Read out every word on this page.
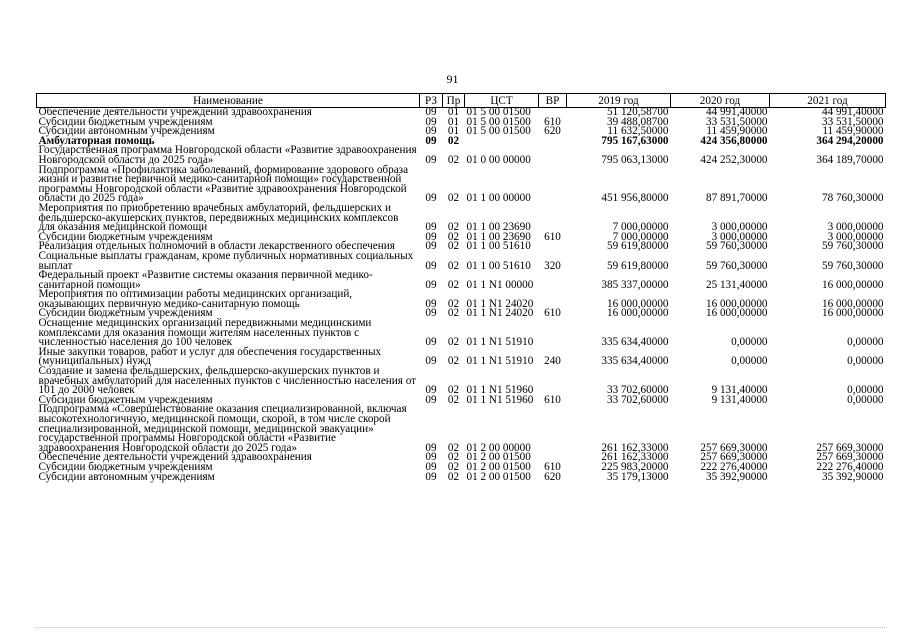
91
Наименование	РЗ	Пр	ЦСТ	ВР	2019 год	2020 год	2021 год
Обеспечение деятельности учреждений здравоохранения	09	01	01 5 00 01500		51 120,58700	44 991,40000	44 991,40000
Субсидии бюджетным учреждениям	09	01	01 5 00 01500	610	39 488,08700	33 531,50000	33 531,50000
Субсидии автономным учреждениям	09	01	01 5 00 01500	620	11 632,50000	11 459,90000	11 459,90000
Амбулаторная помощь	09	02			795 167,63000	424 356,80000	364 294,20000
Государственная программа Новгородской области «Развитие здравоохранения Новгородской области до 2025 года»	09	02	01 0 00 00000		795 063,13000	424 252,30000	364 189,70000
Подпрограмма «Профилактика заболеваний, формирование здорового образа жизни и развитие первичной медико-санитарной помощи» государственной программы Новгородской области «Развитие здравоохранения Новгородской области до 2025 года»	09	02	01 1 00 00000		451 956,80000	87 891,70000	78 760,30000
Мероприятия по приобретению врачебных амбулаторий, фельдшерских и фельдшерско-акушерских пунктов, передвижных медицинских комплексов для оказания медицинской помощи	09	02	01 1 00 23690		7 000,00000	3 000,00000	3 000,00000
Субсидии бюджетным учреждениям	09	02	01 1 00 23690	610	7 000,00000	3 000,00000	3 000,00000
Реализация отдельных полномочий в области лекарственного обеспечения	09	02	01 1 00 51610		59 619,80000	59 760,30000	59 760,30000
Социальные выплаты гражданам, кроме публичных нормативных социальных выплат	09	02	01 1 00 51610	320	59 619,80000	59 760,30000	59 760,30000
Федеральный проект «Развитие системы оказания первичной медико-санитарной помощи»	09	02	01 1 N1 00000		385 337,00000	25 131,40000	16 000,00000
Мероприятия по оптимизации работы медицинских организаций, оказывающих первичную медико-санитарную помощь	09	02	01 1 N1 24020		16 000,00000	16 000,00000	16 000,00000
Субсидии бюджетным учреждениям	09	02	01 1 N1 24020	610	16 000,00000	16 000,00000	16 000,00000
Оснащение медицинских организаций передвижными медицинскими комплексами для оказания помощи жителям населенных пунктов с численностью населения до 100 человек	09	02	01 1 N1 51910		335 634,40000	0,00000	0,00000
Иные закупки товаров, работ и услуг для обеспечения государственных (муниципальных) нужд	09	02	01 1 N1 51910	240	335 634,40000	0,00000	0,00000
Создание и замена фельдшерских, фельдшерско-акушерских пунктов и врачебных амбулаторий для населенных пунктов с численностью населения от 101 до 2000 человек	09	02	01 1 N1 51960		33 702,60000	9 131,40000	0,00000
Субсидии бюджетным учреждениям	09	02	01 1 N1 51960	610	33 702,60000	9 131,40000	0,00000
Подпрограмма «Совершенствование оказания специализированной, включая высокотехнологичную, медицинской помощи, скорой, в том числе скорой специализированной, медицинской помощи, медицинской эвакуации» государственной программы Новгородской области «Развитие здравоохранения Новгородской области до 2025 года»	09	02	01 2 00 00000		261 162,33000	257 669,30000	257 669,30000
Обеспечение деятельности учреждений здравоохранения	09	02	01 2 00 01500		261 162,33000	257 669,30000	257 669,30000
Субсидии бюджетным учреждениям	09	02	01 2 00 01500	610	225 983,20000	222 276,40000	222 276,40000
Субсидии автономным учреждениям	09	02	01 2 00 01500	620	35 179,13000	35 392,90000	35 392,90000
